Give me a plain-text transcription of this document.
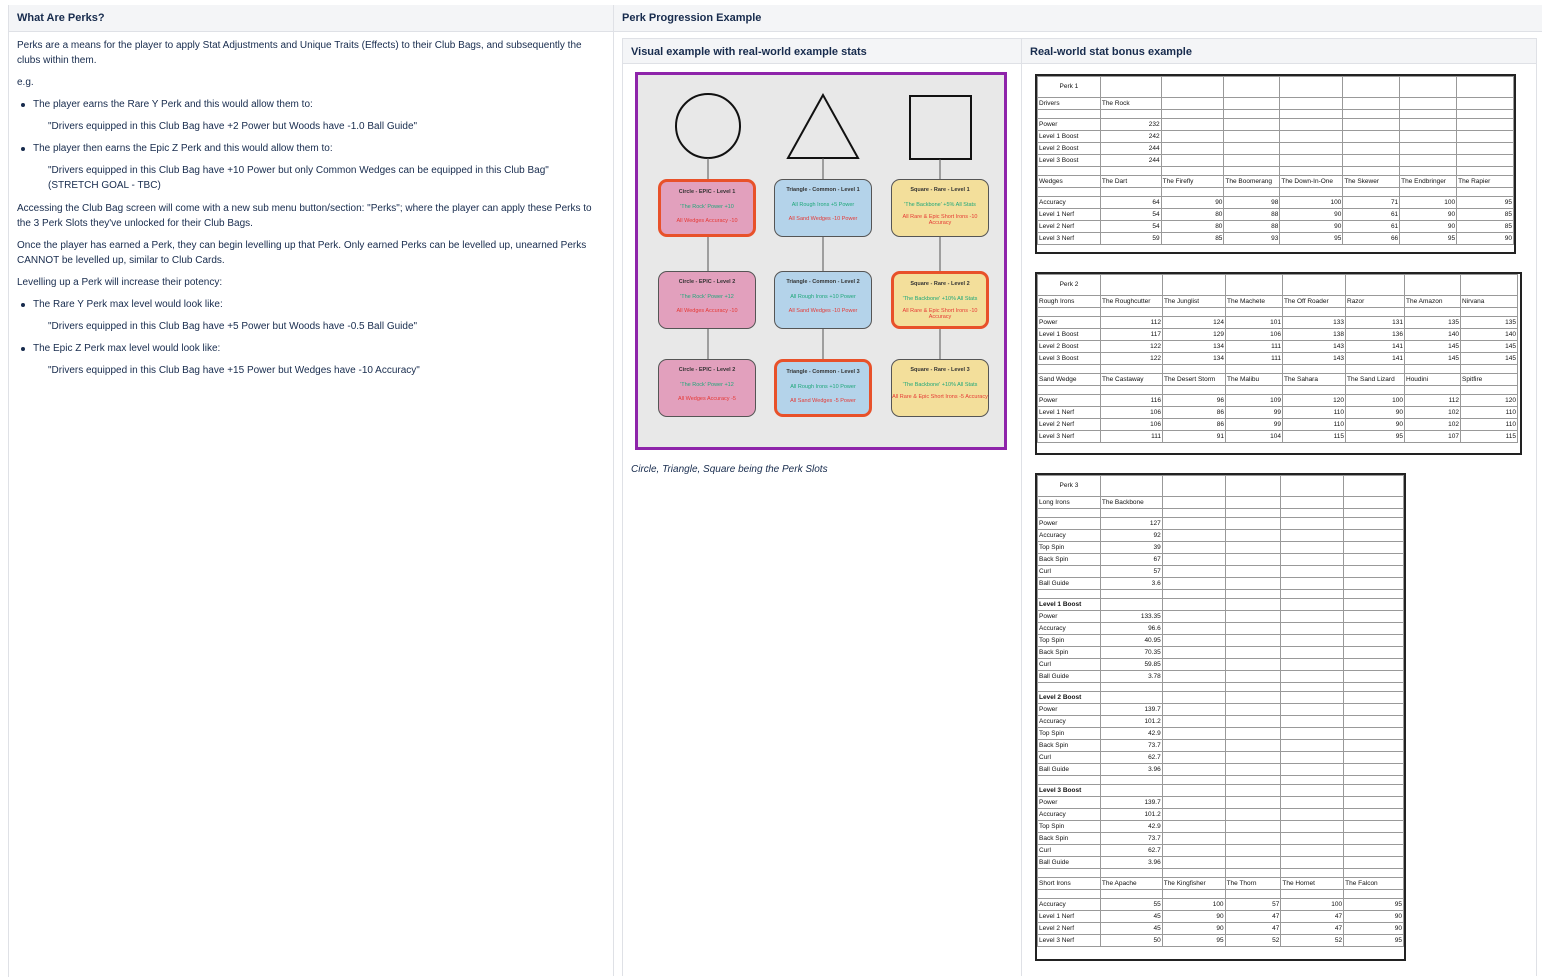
What Are Perks?	Perk Progression Example

Perks are a means for the player to apply Stat Adjustments and Unique Traits (Effects) to their Club Bags, and subsequently the clubs within them.

e.g.

The player earns the Rare Y Perk and this would allow them to:

"Drivers equipped in this Club Bag have +2 Power but Woods have -1.0 Ball Guide"

The player then earns the Epic Z Perk and this would allow them to:

"Drivers equipped in this Club Bag have +10 Power but only Common Wedges can be equipped in this Club Bag"

(STRETCH GOAL - TBC)

Accessing the Club Bag screen will come with a new sub menu button/section: "Perks"; where the player can apply these Perks to the 3 Perk Slots they've unlocked for their Club Bags.

Once the player has earned a Perk, they can begin levelling up that Perk. Only earned Perks can be levelled up, unearned Perks CANNOT be levelled up, similar to Club Cards.

Levelling up a Perk will increase their potency:

The Rare Y Perk max level would look like:

"Drivers equipped in this Club Bag have +5 Power but Woods have -0.5 Ball Guide"

The Epic Z Perk max level would look like:

"Drivers equipped in this Club Bag have +15 Power but Wedges have -10 Accuracy"

Visual example with real-world example stats	Real-world stat bonus example
Circle - EPIC - Level 1
'The Rock' Power +10
All Wedges Accuracy -10
Triangle - Common - Level 1
All Rough Irons +5 Power
All Sand Wedges -10 Power
Square - Rare - Level 1
'The Backbone' +5% All Stats
All Rare & Epic Short Irons -10 Accuracy
Circle - EPIC - Level 2
'The Rock' Power +12
All Wedges Accuracy -10
Triangle - Common - Level 2
All Rough Irons +10 Power
All Sand Wedges -10 Power
Square - Rare - Level 2
'The Backbone' +10% All Stats
All Rare & Epic Short Irons -10 Accuracy
Circle - EPIC - Level 2
'The Rock' Power +12
All Wedges Accuracy -5
Triangle - Common - Level 3
All Rough Irons +10 Power
All Sand Wedges -5 Power
Square - Rare - Level 3
'The Backbone' +10% All Stats
All Rare & Epic Short Irons -5 Accuracy
Circle, Triangle, Square being the Perk Slots
Perk 1							
Drivers	The Rock						

Power	232						
Level 1 Boost	242						
Level 2 Boost	244						
Level 3 Boost	244						

Wedges	The Dart	The Firefly	The Boomerang	The Down-In-One	The Skewer	The Endbringer	The Rapier

Accuracy	64	90	98	100	71	100	95
Level 1 Nerf	54	80	88	90	61	90	85
Level 2 Nerf	54	80	88	90	61	90	85
Level 3 Nerf	59	85	93	95	66	95	90
Perk 2							
Rough Irons	The Roughcutter	The Junglist	The Machete	The Off Roader	Razor	The Amazon	Nirvana

Power	112	124	101	133	131	135	135
Level 1 Boost	117	129	106	138	136	140	140
Level 2 Boost	122	134	111	143	141	145	145
Level 3 Boost	122	134	111	143	141	145	145

Sand Wedge	The Castaway	The Desert Storm	The Malibu	The Sahara	The Sand Lizard	Houdini	Spitfire

Power	116	96	109	120	100	112	120
Level 1 Nerf	106	86	99	110	90	102	110
Level 2 Nerf	106	86	99	110	90	102	110
Level 3 Nerf	111	91	104	115	95	107	115
Perk 3					
Long Irons	The Backbone				

Power	127				
Accuracy	92				
Top Spin	39				
Back Spin	67				
Curl	57				
Ball Guide	3.6				

Level 1 Boost					
Power	133.35				
Accuracy	96.6				
Top Spin	40.95				
Back Spin	70.35				
Curl	59.85				
Ball Guide	3.78				

Level 2 Boost					
Power	139.7				
Accuracy	101.2				
Top Spin	42.9				
Back Spin	73.7				
Curl	62.7				
Ball Guide	3.96				

Level 3 Boost					
Power	139.7				
Accuracy	101.2				
Top Spin	42.9				
Back Spin	73.7				
Curl	62.7				
Ball Guide	3.96				

Short Irons	The Apache	The Kingfisher	The Thorn	The Hornet	The Falcon

Accuracy	55	100	57	100	95
Level 1 Nerf	45	90	47	47	90
Level 2 Nerf	45	90	47	47	90
Level 3 Nerf	50	95	52	52	95
